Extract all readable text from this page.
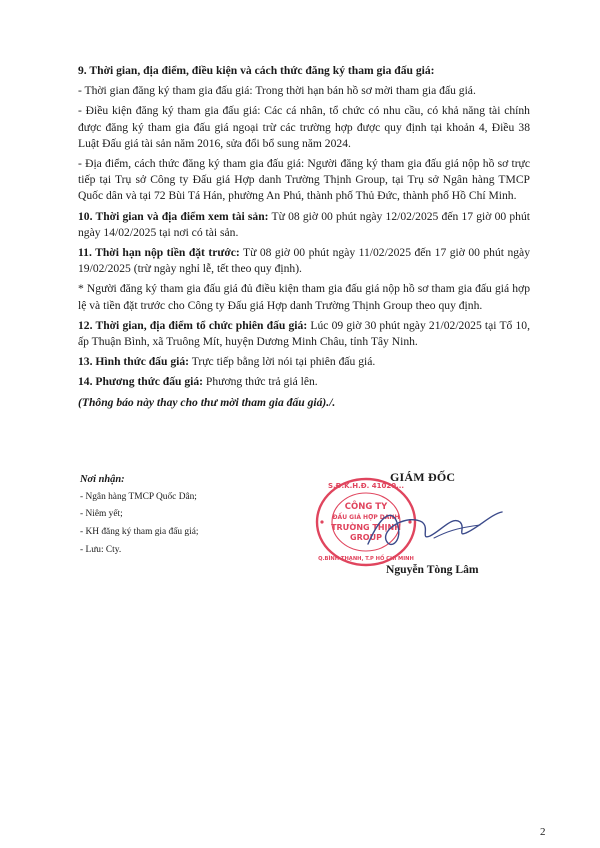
9. Thời gian, địa điểm, điều kiện và cách thức đăng ký tham gia đấu giá:

- Thời gian đăng ký tham gia đấu giá: Trong thời hạn bán hồ sơ mời tham gia đấu giá.

- Điều kiện đăng ký tham gia đấu giá: Các cá nhân, tổ chức có nhu cầu, có khả năng tài chính được đăng ký tham gia đấu giá ngoại trừ các trường hợp được quy định tại khoản 4, Điều 38 Luật Đấu giá tài sản năm 2016, sửa đổi bổ sung năm 2024.

- Địa điểm, cách thức đăng ký tham gia đấu giá: Người đăng ký tham gia đấu giá nộp hồ sơ trực tiếp tại Trụ sở Công ty Đấu giá Hợp danh Trường Thịnh Group, tại Trụ sở Ngân hàng TMCP Quốc dân và tại 72 Bùi Tá Hán, phường An Phú, thành phố Thủ Đức, thành phố Hồ Chí Minh.

10. Thời gian và địa điểm xem tài sản: Từ 08 giờ 00 phút ngày 12/02/2025 đến 17 giờ 00 phút ngày 14/02/2025 tại nơi có tài sản.

11. Thời hạn nộp tiền đặt trước: Từ 08 giờ 00 phút ngày 11/02/2025 đến 17 giờ 00 phút ngày 19/02/2025 (trừ ngày nghỉ lễ, tết theo quy định).

* Người đăng ký tham gia đấu giá đủ điều kiện tham gia đấu giá nộp hồ sơ tham gia đấu giá hợp lệ và tiền đặt trước cho Công ty Đấu giá Hợp danh Trường Thịnh Group theo quy định.

12. Thời gian, địa điểm tổ chức phiên đấu giá: Lúc 09 giờ 30 phút ngày 21/02/2025 tại Tổ 10, ấp Thuận Bình, xã Truông Mít, huyện Dương Minh Châu, tỉnh Tây Ninh.

13. Hình thức đấu giá: Trực tiếp bằng lời nói tại phiên đấu giá.

14. Phương thức đấu giá: Phương thức trả giá lên.

(Thông báo này thay cho thư mời tham gia đấu giá)./.

Nơi nhận:
- Ngân hàng TMCP Quốc Dân;
- Niêm yết;
- KH đăng ký tham gia đấu giá;
- Lưu: Cty.
S.Đ.K.H.Đ. 41020...
CÔNG TY
ĐẤU GIÁ HỢP DANH
TRƯỜNG THỊNH
GROUP
Q.BÌNH THẠNH, T.P HỒ CHÍ MINH
GIÁM ĐỐC
Nguyễn Tòng Lâm
2
